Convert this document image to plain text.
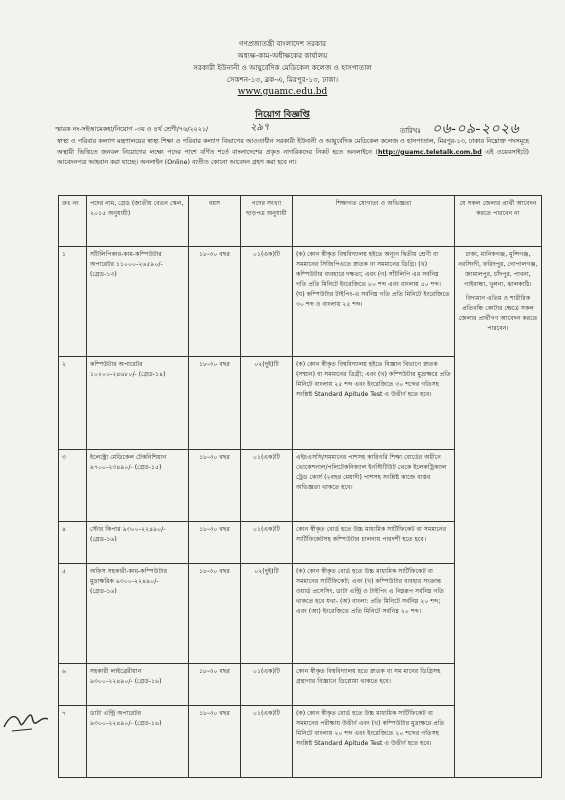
গণপ্রজাতন্ত্রী বাংলাদেশ সরকার
অধ্যক্ষ-কাম-অধীক্ষকের কার্যালয়
সরকারী ইউনানী ও আয়ুর্বেদিক মেডিকেল কলেজ ও হাসপাতাল
সেকশন-১৩, ব্লক-এ, মিরপুর-১৩, ঢাকা।
www.guamc.edu.bd
নিয়োগ বিজ্ঞপ্তি
স্মারক নং-সইআমেকহা/নিয়োগ -৩য় ও ৪র্থ শ্রেণী/৭৬/২০২১/	২৯৭	তারিখঃ ০৬-০৯-২০২৬
স্বাস্থ্য ও পরিবার কল্যাণ মন্ত্রণালয়ের স্বাস্থ্য শিক্ষা ও পরিবার কল্যাণ বিভাগের আওতাধীন সরকারী ইউনানী ও আয়ুর্বেদিক মেডিকেল কলেজ ও হাসপাতাল, মিরপুর-১৩, ঢাকার নিম্নোক্ত পদসমূহে অস্থায়ী ভিত্তিতে জনবল নিয়োগের লক্ষ্যে পদের পাশে বর্ণিত শর্তে বাংলাদেশের প্রকৃত নাগরিকদের নিকট হতে অনলাইনে (http://guamc.teletalk.com.bd এই ওয়েবসাইটে) আবেদনপত্র আহবান করা যাচ্ছে। অনলাইন (Online) ব্যতীত কোনো আবেদন গ্রহণ করা হবে না।
ক্রঃ নং	পদের নাম, গ্রেড (জাতীয় বেতন স্কেল, ২০১৫ অনুযায়ী)	বয়স	পদের সংখ্যা ছাড়পত্র অনুযায়ী	শিক্ষাগত যোগ্যতা ও অভিজ্ঞতা	যে সকল জেলার প্রার্থী আবেদন করতে পারবেন না
১	সাঁটলিপিকার-কাম-কম্পিউটার অপারেটর ১১০০০-২৬৫৯০/- (গ্রেড-১৩)	১৮-৩০ বছর	০১(এক)টি	(ক) কোন স্বীকৃত বিশ্ববিদ্যালয় হইতে অন্যূন দ্বিতীয় শ্রেণী বা সমমানের সিজিপিএতে স্নাতক বা সমমানের ডিগ্রি। (খ) কম্পিউটার ব্যবহারে দক্ষতা; এবং (গ) সাঁটলিপি এর সর্বনিম্ন গতি প্রতি মিনিটে ইংরেজিতে ৮০ শব্দ এবং বাংলায় ৫০ শব্দ। (ঘ) কম্পিউটার টাইপিং-এ সর্বনিম্ন গতি প্রতি মিনিটে ইংরেজিতে ৩০ শব্দ ও বাংলায় ২৫ শব্দ।	ঢাকা, মানিকগঞ্জ, মুন্সিগঞ্জ, নরসিংদী, ফরিদপুর, গোপালগঞ্জ, জামালপুর, চাঁদপুর, পাবনা, গাইবান্ধা, খুলনা, ঝালকাঠি।
বিদ্যমান এতিম ও শারীরিক প্রতিবন্ধি কোটার ক্ষেত্রে সকল জেলার প্রার্থীগণ আবেদন করতে পারবেন।

২	কম্পিউটার অপারেটর ১০২০০-২৪৬৮০/- (গ্রেড-১৪)	১৮-৩০ বছর	০২(দুই)টি	(ক) কোন স্বীকৃত বিশ্ববিদ্যালয় হইতে বিজ্ঞান বিভাগে স্নাতক (সম্মান) বা সমমানের ডিগ্রী; এবং (খ) কম্পিউটার মুদ্রাক্ষরে প্রতি মিনিটে বাংলায় ২৫ শব্দ এবং ইংরেজিতে ৩০ শব্দের গতিসহ সংশ্লিষ্ট Standard Apitude Test এ উত্তীর্ণ হতে হবে।	
৩	ইলেক্ট্রো মেডিকেল টেকনিশিয়ান ৯৭০০-২৩৪৯০/- (গ্রেড-১৫)	১৮-৩০ বছর	০১(এক)টি	এইচএসসি/সমমানের পাশসহ কারিগরি শিক্ষা বোর্ডের অধীনে ভোকেশনাল/পলিটেকনিক্যাল ইনস্টিটিউট থেকে ইলেকট্রিক্যাল ট্রেড কোর্স (২বছর মেয়াদী) পাশসহ সংশ্লিষ্ট কাজে বাস্তব অভিজ্ঞতা থাকতে হবে।	
৪	স্টোর কিপার ৯৩০০-২২৪৯০/- (গ্রেড-১৬)	১৮-৩০ বছর	০১(এক)টি	কোন স্বীকৃত বোর্ড হতে উচ্চ মাধ্যমিক সার্টিফিকেট বা সমমানের সার্টিফিকেটসহ কম্পিউটার চালনায় পারদর্শী হতে হবে।	
৫	অফিস সহকারী-কাম-কম্পিউটার মুদ্রাক্ষরিক ৯৩০০-২২৪৯০/- (গ্রেড-১৬)	১৮-৩০ বছর	০২(দুই)টি	(ক) কোন স্বীকৃত বোর্ড হতে উচ্চ মাধ্যমিক সার্টিফিকেট বা সমমানের সার্টিফিকেট; এবং (খ) কম্পিউটার ব্যবহার সংক্রান্ত ওয়ার্ড প্রসেসিং, ডাটা এন্ট্রি ও টাইপিং এ নিম্নরূপ সর্বনিম্ন গতি থাকতে হবে যথা- (অ) বাংলা: প্রতি মিনিটে সর্বনিম্ন ২০ শব্দ; এবং (আ) ইংরেজিতে প্রতি মিনিটে সর্বনিম্ন ২০ শব্দ।	
৬	সহকারী লাইব্রেরীয়ান ৯৩০০-২২৪৯০/- (গ্রেড-১৬)	১৮-৩০ বছর	০১(এক)টি	কোন স্বীকৃত বিশ্ববিদ্যালয় হতে স্নাতক বা সম মানের ডিগ্রিসহ গ্রন্থাগার বিজ্ঞানে ডিপ্লোমা থাকতে হবে।	
৭	ডাটা এন্ট্রি অপারেটর ৯৩০০-২২৪৯০/- (গ্রেড-১৬)	১৮-৩০ বছর	০১(এক)টি	(ক) কোন স্বীকৃত বোর্ড হতে উচ্চ মাধ্যমিক সার্টিফিকেট বা সমমানের পরীক্ষায় উত্তীর্ণ এবং (খ) কম্পিউটার মুদ্রাক্ষরে প্রতি মিনিটে বাংলায় ২০ শব্দ এবং ইংরেজিতে ২০ শব্দের গতিসহ সংশ্লিষ্ট Standard Apitude Test এ উত্তীর্ণ হতে হবে।	
